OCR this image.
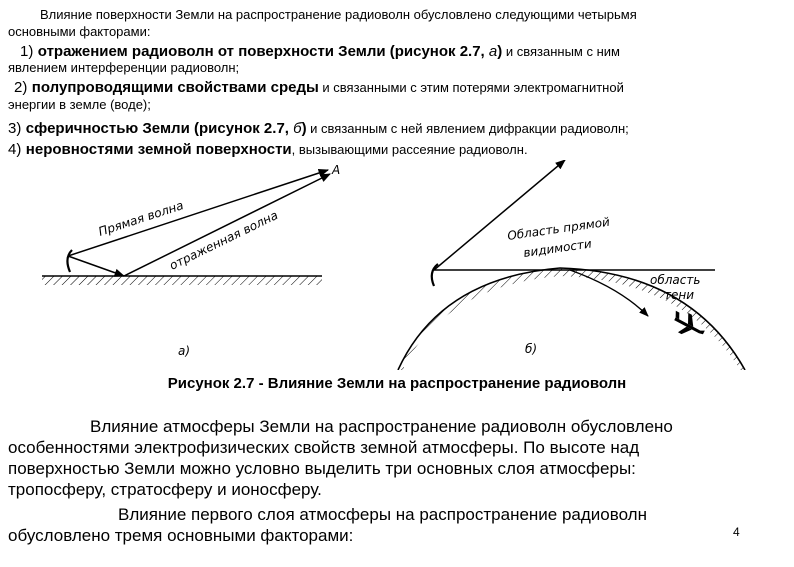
Влияние поверхности Земли на распространение радиоволн обусловлено следующими четырьмя
основными факторами:
1) отражением радиоволн от поверхности Земли (рисунок 2.7, а) и связанным с ним
явлением интерференции радиоволн;
2) полупроводящими свойствами среды и связанными с этим потерями электромагнитной
энергии в земле (воде);
3) сферичностью Земли (рисунок 2.7, б) и связанным с ней явлением дифракции радиоволн;
4) неровностями земной поверхности, вызывающими рассеяние радиоволн.
A
Прямая волна
отраженная волна
а)
Область прямой
видимости
область
тени
б)
Рисунок 2.7 - Влияние Земли на распространение радиоволн
Влияние атмосферы Земли на распространение радиоволн обусловлено
особенностями электрофизических свойств земной атмосферы. По высоте над
поверхностью Земли можно условно выделить три основных слоя атмосферы:
тропосферу, стратосферу и ионосферу.
Влияние первого слоя атмосферы на распространение радиоволн
обусловлено тремя основными факторами:	4
